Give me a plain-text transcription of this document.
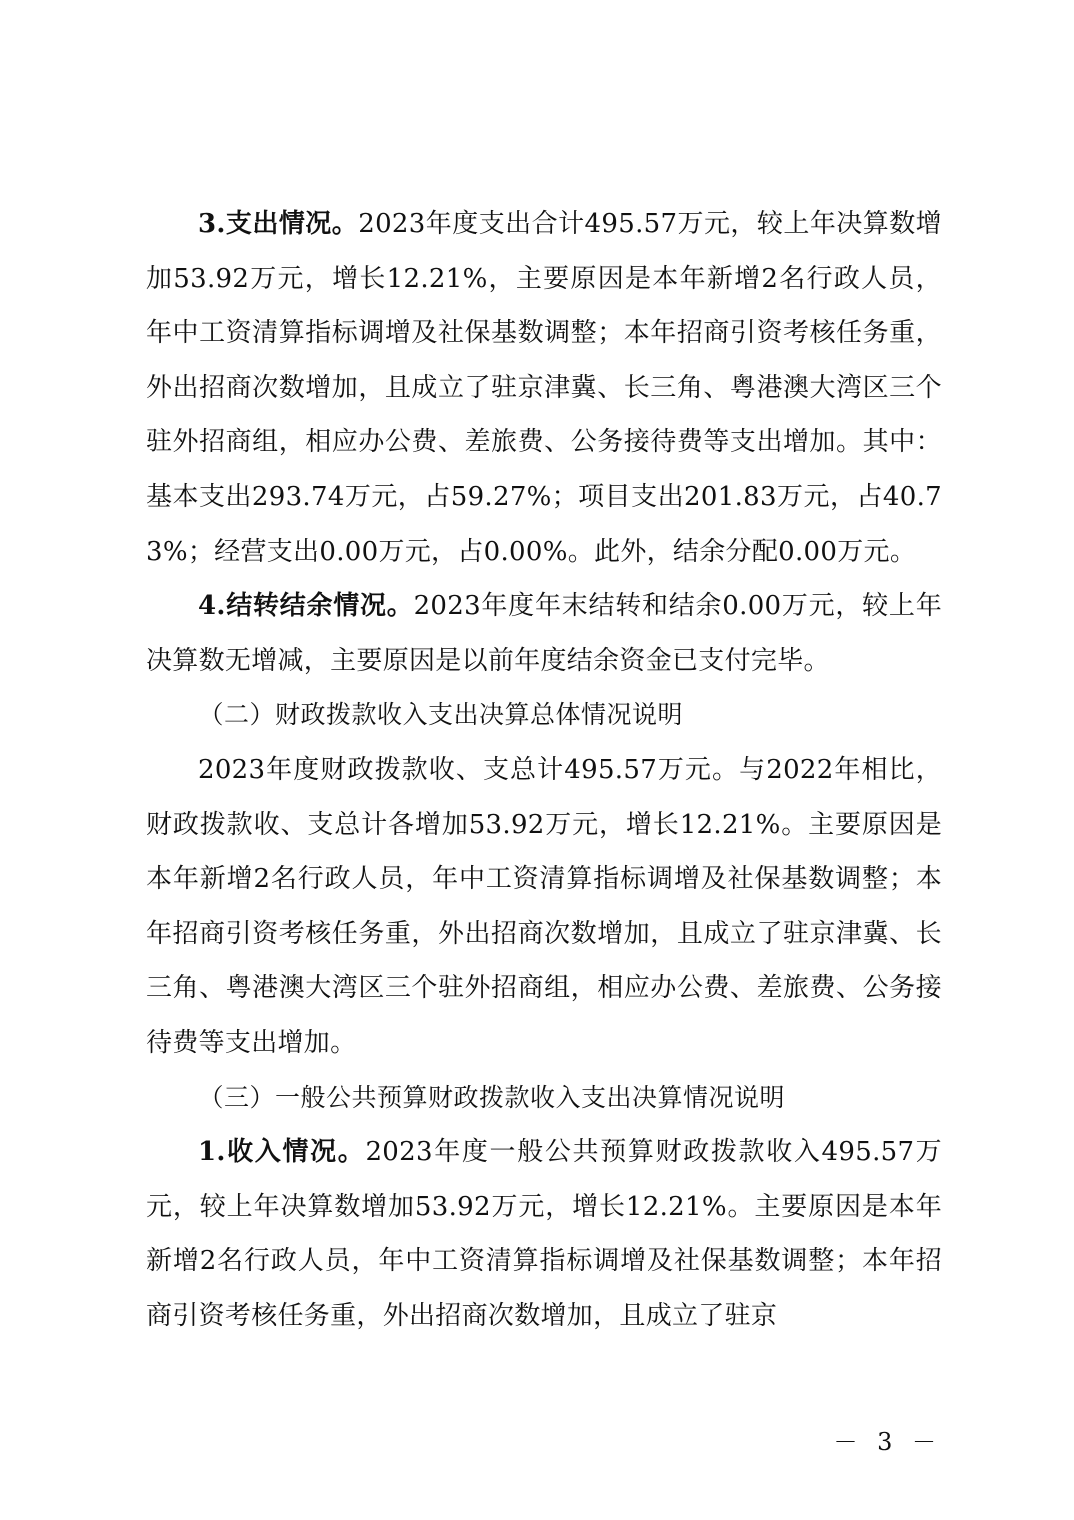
3.支出情况。2023年度支出合计495.57万元，较上年决算数增加53.92万元，增长12.21%，主要原因是本年新增2名行政人员，年中工资清算指标调增及社保基数调整；本年招商引资考核任务重，外出招商次数增加，且成立了驻京津冀、长三角、粤港澳大湾区三个驻外招商组，相应办公费、差旅费、公务接待费等支出增加。其中：基本支出293.74万元，占59.27%；项目支出201.83万元，占40.73%；经营支出0.00万元，占0.00%。此外，结余分配0.00万元。

4.结转结余情况。2023年度年末结转和结余0.00万元，较上年决算数无增减，主要原因是以前年度结余资金已支付完毕。

（二）财政拨款收入支出决算总体情况说明

2023年度财政拨款收、支总计495.57万元。与2022年相比，财政拨款收、支总计各增加53.92万元，增长12.21%。主要原因是本年新增2名行政人员，年中工资清算指标调增及社保基数调整；本年招商引资考核任务重，外出招商次数增加，且成立了驻京津冀、长三角、粤港澳大湾区三个驻外招商组，相应办公费、差旅费、公务接待费等支出增加。

（三）一般公共预算财政拨款收入支出决算情况说明

1.收入情况。2023年度一般公共预算财政拨款收入495.57万元，较上年决算数增加53.92万元，增长12.21%。主要原因是本年新增2名行政人员，年中工资清算指标调增及社保基数调整；本年招商引资考核任务重，外出招商次数增加，且成立了驻京

－ 3 －
